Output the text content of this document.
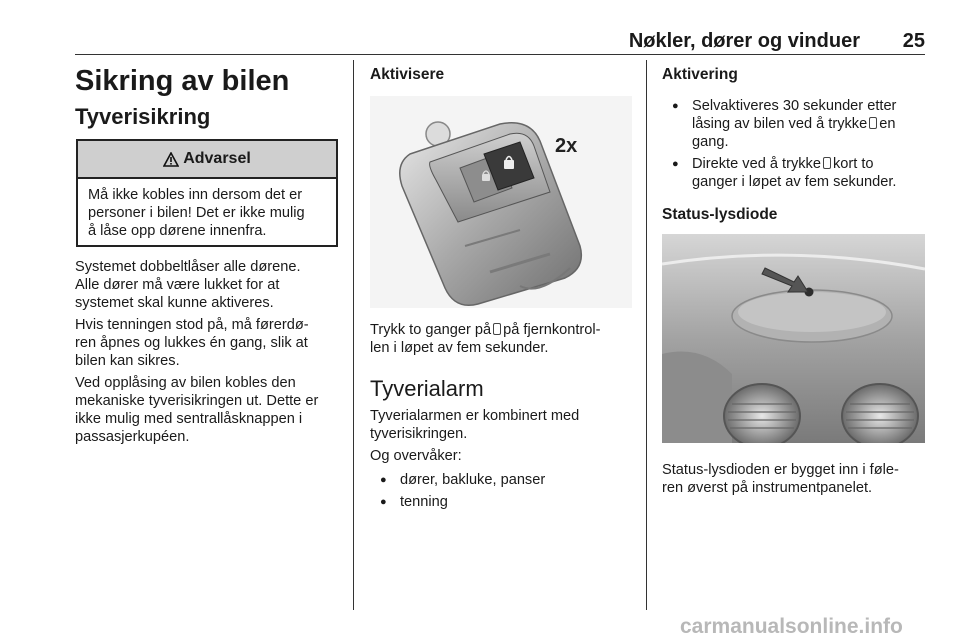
Nøkler, dører og vinduer	25
Sikring av bilen
Tyverisikring
Advarsel
Må ikke kobles inn dersom det er
personer i bilen! Det er ikke mulig
å låse opp dørene innenfra.
Systemet dobbeltlåser alle dørene.
Alle dører må være lukket for at
systemet skal kunne aktiveres.
Hvis tenningen stod på, må førerdø-
ren åpnes og lukkes én gang, slik at
bilen kan sikres.
Ved opplåsing av bilen kobles den
mekaniske tyverisikringen ut. Dette er
ikke mulig med sentrallåsknappen i
passasjerkupéen.
Aktivisere
2x
Trykk to ganger på på fjernkontrol-
len i løpet av fem sekunder.
Tyverialarm
Tyverialarmen er kombinert med
tyverisikringen.
Og overvåker:
● dører, bakluke, panser
● tenning
Aktivering
● Selvaktiveres 30 sekunder etter
låsing av bilen ved å trykke en
gang.
● Direkte ved å trykke kort to
ganger i løpet av fem sekunder.
Status-lysdiode
Status-lysdioden er bygget inn i føle-
ren øverst på instrumentpanelet.
carmanualsonline.info
